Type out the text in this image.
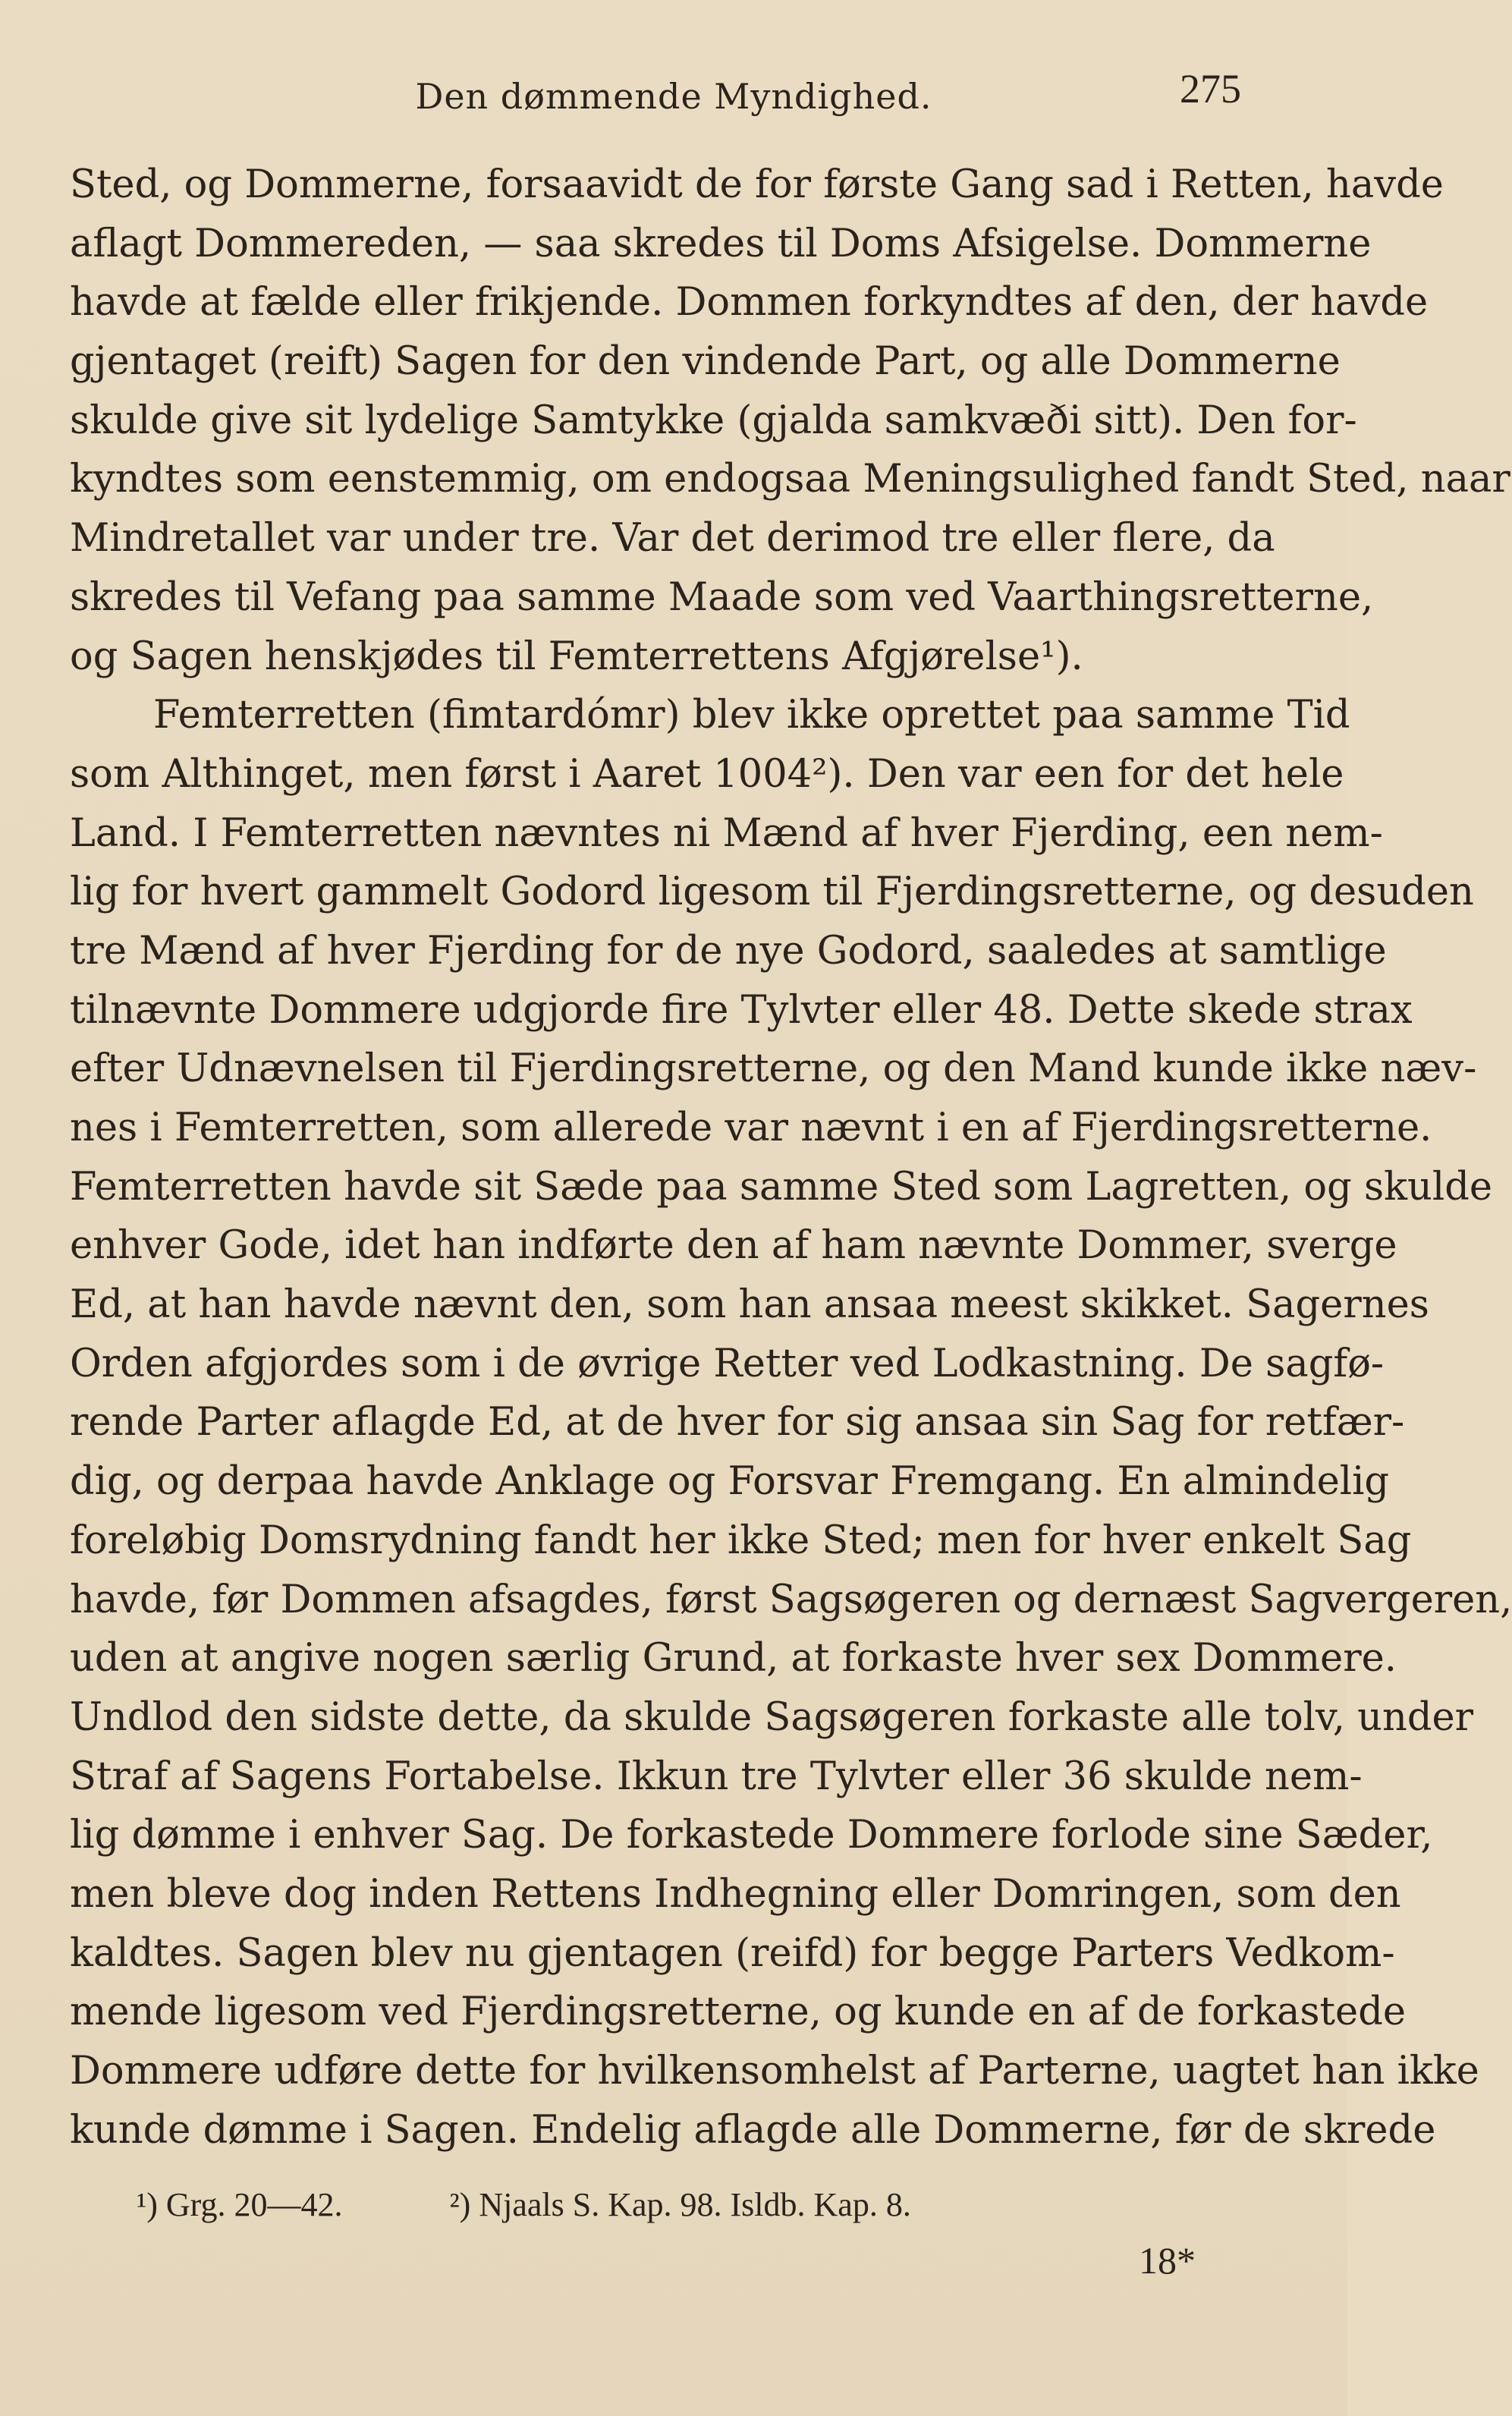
Den dømmende Myndighed.	275
Sted, og Dommerne, forsaavidt de for første Gang sad i Retten, havde
aflagt Dommereden, — saa skredes til Doms Afsigelse. Dommerne
havde at fælde eller frikjende. Dommen forkyndtes af den, der havde
gjentaget (reift) Sagen for den vindende Part, og alle Dommerne
skulde give sit lydelige Samtykke (gjalda samkvæði sitt). Den for-
kyndtes som eenstemmig, om endogsaa Meningsulighed fandt Sted, naar
Mindretallet var under tre. Var det derimod tre eller flere, da
skredes til Vefang paa samme Maade som ved Vaarthingsretterne,
og Sagen henskjødes til Femterrettens Afgjørelse¹).
Femterretten (fimtardómr) blev ikke oprettet paa samme Tid
som Althinget, men først i Aaret 1004²). Den var een for det hele
Land. I Femterretten nævntes ni Mænd af hver Fjerding, een nem-
lig for hvert gammelt Godord ligesom til Fjerdingsretterne, og desuden
tre Mænd af hver Fjerding for de nye Godord, saaledes at samtlige
tilnævnte Dommere udgjorde fire Tylvter eller 48. Dette skede strax
efter Udnævnelsen til Fjerdingsretterne, og den Mand kunde ikke næv-
nes i Femterretten, som allerede var nævnt i en af Fjerdingsretterne.
Femterretten havde sit Sæde paa samme Sted som Lagretten, og skulde
enhver Gode, idet han indførte den af ham nævnte Dommer, sverge
Ed, at han havde nævnt den, som han ansaa meest skikket. Sagernes
Orden afgjordes som i de øvrige Retter ved Lodkastning. De sagfø-
rende Parter aflagde Ed, at de hver for sig ansaa sin Sag for retfær-
dig, og derpaa havde Anklage og Forsvar Fremgang. En almindelig
foreløbig Domsrydning fandt her ikke Sted; men for hver enkelt Sag
havde, før Dommen afsagdes, først Sagsøgeren og dernæst Sagvergeren,
uden at angive nogen særlig Grund, at forkaste hver sex Dommere.
Undlod den sidste dette, da skulde Sagsøgeren forkaste alle tolv, under
Straf af Sagens Fortabelse. Ikkun tre Tylvter eller 36 skulde nem-
lig dømme i enhver Sag. De forkastede Dommere forlode sine Sæder,
men bleve dog inden Rettens Indhegning eller Domringen, som den
kaldtes. Sagen blev nu gjentagen (reifd) for begge Parters Vedkom-
mende ligesom ved Fjerdingsretterne, og kunde en af de forkastede
Dommere udføre dette for hvilkensomhelst af Parterne, uagtet han ikke
kunde dømme i Sagen. Endelig aflagde alle Dommerne, før de skrede
¹) Grg. 20—42.	²) Njaals S. Kap. 98. Isldb. Kap. 8.
18*
